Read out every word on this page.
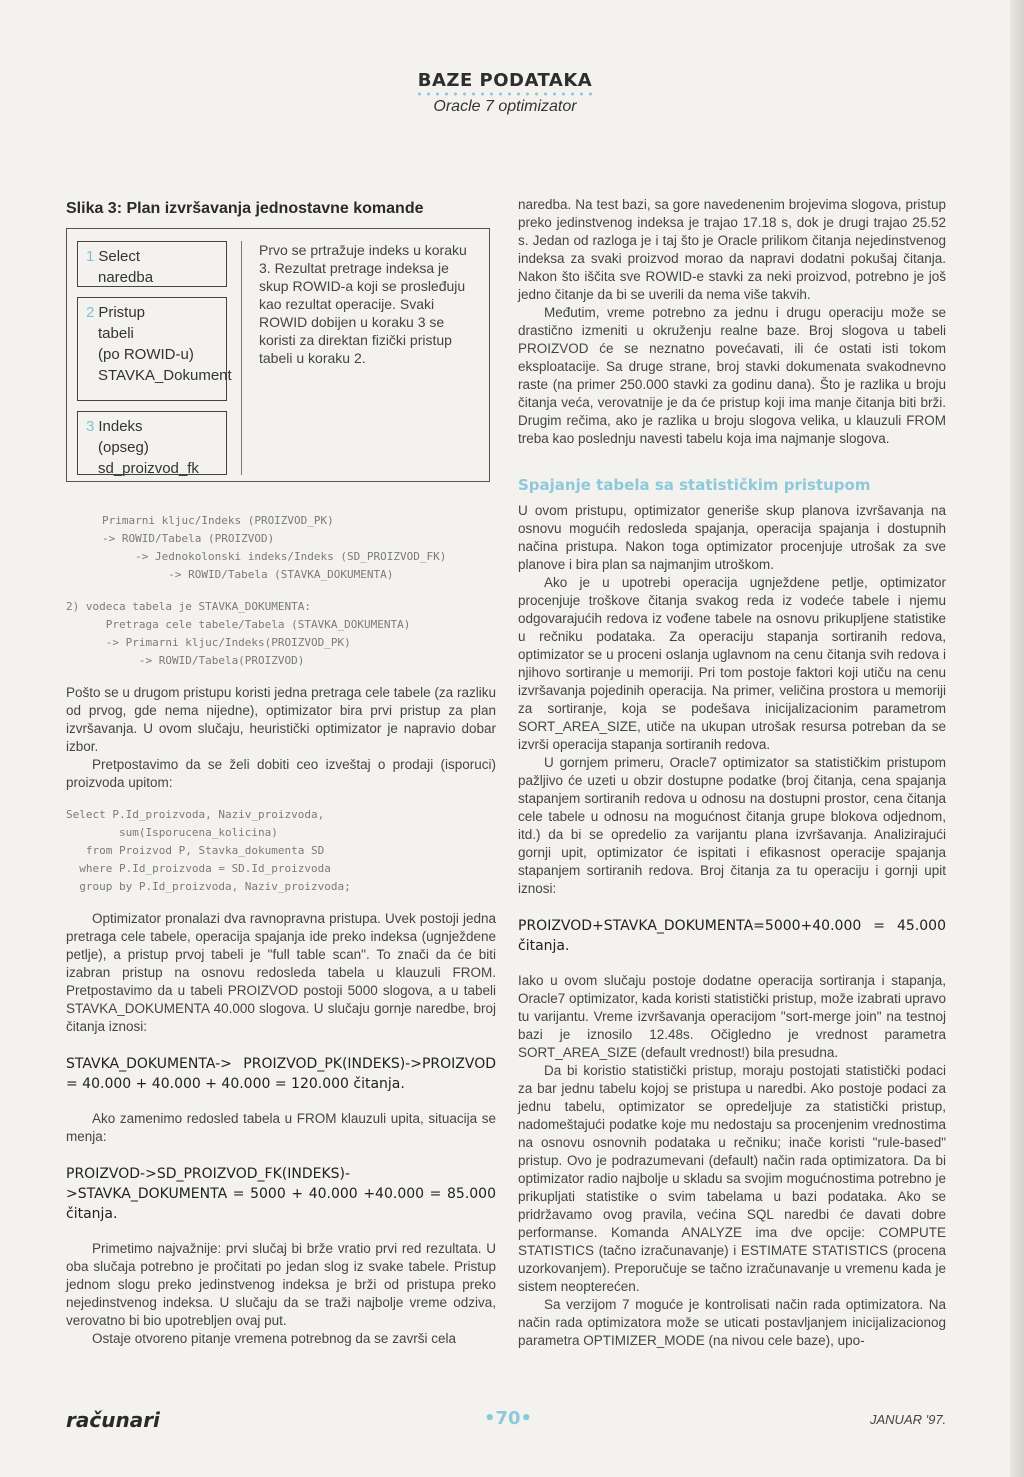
BAZE PODATAKA
Oracle 7 optimizator
Slika 3: Plan izvršavanja jednostavne komande
1 Select
naredba
2 Pristup
tabeli
(po ROWID-u)
STAVKA_Dokument
3 Indeks
(opseg)
sd_proizvod_fk
Prvo se prtražuje indeks u koraku 3. Rezultat pretrage indeksa je skup ROWID-a koji se prosleđuju kao rezultat operacije. Svaki ROWID dobijen u koraku 3 se koristi za direktan fizički pristup tabeli u koraku 2.
Primarni kljuc/Indeks (PROIZVOD_PK)
-> ROWID/Tabela (PROIZVOD)
-> Jednokolonski indeks/Indeks (SD_PROIZVOD_FK)
-> ROWID/Tabela (STAVKA_DOKUMENTA)
2) vodeca tabela je STAVKA_DOKUMENTA:
Pretraga cele tabele/Tabela (STAVKA_DOKUMENTA)
-> Primarni kljuc/Indeks(PROIZVOD_PK)
-> ROWID/Tabela(PROIZVOD)

Pošto se u drugom pristupu koristi jedna pretraga cele tabele (za razliku od prvog, gde nema nijedne), optimizator bira prvi pristup za plan izvršavanja. U ovom slučaju, heuristički optimizator je napravio dobar izbor.

Pretpostavimo da se želi dobiti ceo izveštaj o prodaji (isporuci) proizvoda upitom:

Select P.Id_proizvoda, Naziv_proizvoda,
sum(Isporucena_kolicina)
from Proizvod P, Stavka_dokumenta SD
where P.Id_proizvoda = SD.Id_proizvoda
group by P.Id_proizvoda, Naziv_proizvoda;

Optimizator pronalazi dva ravnopravna pristupa. Uvek postoji jedna pretraga cele tabele, operacija spajanja ide preko indeksa (ugnježdene petlje), a pristup prvoj tabeli je "full table scan". To znači da će biti izabran pristup na osnovu redosleda tabela u klauzuli FROM. Pretpostavimo da u tabeli PROIZVOD postoji 5000 slogova, a u tabeli STAVKA_DOKUMENTA 40.000 slogova. U slučaju gornje naredbe, broj čitanja iznosi:

STAVKA_DOKUMENTA-> PROIZVOD_PK(INDEKS)->PROIZVOD = 40.000 + 40.000 + 40.000 = 120.000 čitanja.

Ako zamenimo redosled tabela u FROM klauzuli upita, situacija se menja:

PROIZVOD->SD_PROIZVOD_FK(INDEKS)->STAVKA_DOKUMENTA = 5000 + 40.000 +40.000 = 85.000 čitanja.

Primetimo najvažnije: prvi slučaj bi brže vratio prvi red rezultata. U oba slučaja potrebno je pročitati po jedan slog iz svake tabele. Pristup jednom slogu preko jedinstvenog indeksa je brži od pristupa preko nejedinstvenog indeksa. U slučaju da se traži najbolje vreme odziva, verovatno bi bio upotrebljen ovaj put.

Ostaje otvoreno pitanje vremena potrebnog da se završi cela

naredba. Na test bazi, sa gore navedenenim brojevima slogova, pristup preko jedinstvenog indeksa je trajao 17.18 s, dok je drugi trajao 25.52 s. Jedan od razloga je i taj što je Oracle prilikom čitanja nejedinstvenog indeksa za svaki proizvod morao da napravi dodatni pokušaj čitanja. Nakon što iščita sve ROWID-e stavki za neki proizvod, potrebno je još jedno čitanje da bi se uverili da nema više takvih.

Međutim, vreme potrebno za jednu i drugu operaciju može se drastično izmeniti u okruženju realne baze. Broj slogova u tabeli PROIZVOD će se neznatno povećavati, ili će ostati isti tokom eksploatacije. Sa druge strane, broj stavki dokumenata svakodnevno raste (na primer 250.000 stavki za godinu dana). Što je razlika u broju čitanja veća, verovatnije je da će pristup koji ima manje čitanja biti brži. Drugim rečima, ako je razlika u broju slogova velika, u klauzuli FROM treba kao poslednju navesti tabelu koja ima najmanje slogova.

Spajanje tabela sa statističkim pristupom

U ovom pristupu, optimizator generiše skup planova izvršavanja na osnovu mogućih redosleda spajanja, operacija spajanja i dostupnih načina pristupa. Nakon toga optimizator procenjuje utrošak za sve planove i bira plan sa najmanjim utroškom.

Ako je u upotrebi operacija ugnježdene petlje, optimizator procenjuje troškove čitanja svakog reda iz vodeće tabele i njemu odgovarajućih redova iz vođene tabele na osnovu prikupljene statistike u rečniku podataka. Za operaciju stapanja sortiranih redova, optimizator se u proceni oslanja uglavnom na cenu čitanja svih redova i njihovo sortiranje u memoriji. Pri tom postoje faktori koji utiču na cenu izvršavanja pojedinih operacija. Na primer, veličina prostora u memoriji za sortiranje, koja se podešava inicijalizacionim parametrom SORT_AREA_SIZE, utiče na ukupan utrošak resursa potreban da se izvrši operacija stapanja sortiranih redova.

U gornjem primeru, Oracle7 optimizator sa statističkim pristupom pažljivo će uzeti u obzir dostupne podatke (broj čitanja, cena spajanja stapanjem sortiranih redova u odnosu na dostupni prostor, cena čitanja cele tabele u odnosu na mogućnost čitanja grupe blokova odjednom, itd.) da bi se opredelio za varijantu plana izvršavanja. Analizirajući gornji upit, optimizator će ispitati i efikasnost operacije spajanja stapanjem sortiranih redova. Broj čitanja za tu operaciju i gornji upit iznosi:

PROIZVOD+STAVKA_DOKUMENTA=5000+40.000 = 45.000 čitanja.

Iako u ovom slučaju postoje dodatne operacija sortiranja i stapanja, Oracle7 optimizator, kada koristi statistički pristup, može izabrati upravo tu varijantu. Vreme izvršavanja operacijom "sort-merge join" na testnoj bazi je iznosilo 12.48s. Očigledno je vrednost parametra SORT_AREA_SIZE (default vrednost!) bila presudna.

Da bi koristio statistički pristup, moraju postojati statistički podaci za bar jednu tabelu kojoj se pristupa u naredbi. Ako postoje podaci za jednu tabelu, optimizator se opredeljuje za statistički pristup, nadomeštajući podatke koje mu nedostaju sa procenjenim vrednostima na osnovu osnovnih podataka u rečniku; inače koristi "rule-based" pristup. Ovo je podrazumevani (default) način rada optimizatora. Da bi optimizator radio najbolje u skladu sa svojim mogućnostima potrebno je prikupljati statistike o svim tabelama u bazi podataka. Ako se pridržavamo ovog pravila, većina SQL naredbi će davati dobre performanse. Komanda ANALYZE ima dve opcije: COMPUTE STATISTICS (tačno izračunavanje) i ESTIMATE STATISTICS (procena uzorkovanjem). Preporučuje se tačno izračunavanje u vremenu kada je sistem neopterećen.

Sa verzijom 7 moguće je kontrolisati način rada optimizatora. Na način rada optimizatora može se uticati postavljanjem inicijalizacionog parametra OPTIMIZER_MODE (na nivou cele baze), upo-

računari	•70•	JANUAR '97.
